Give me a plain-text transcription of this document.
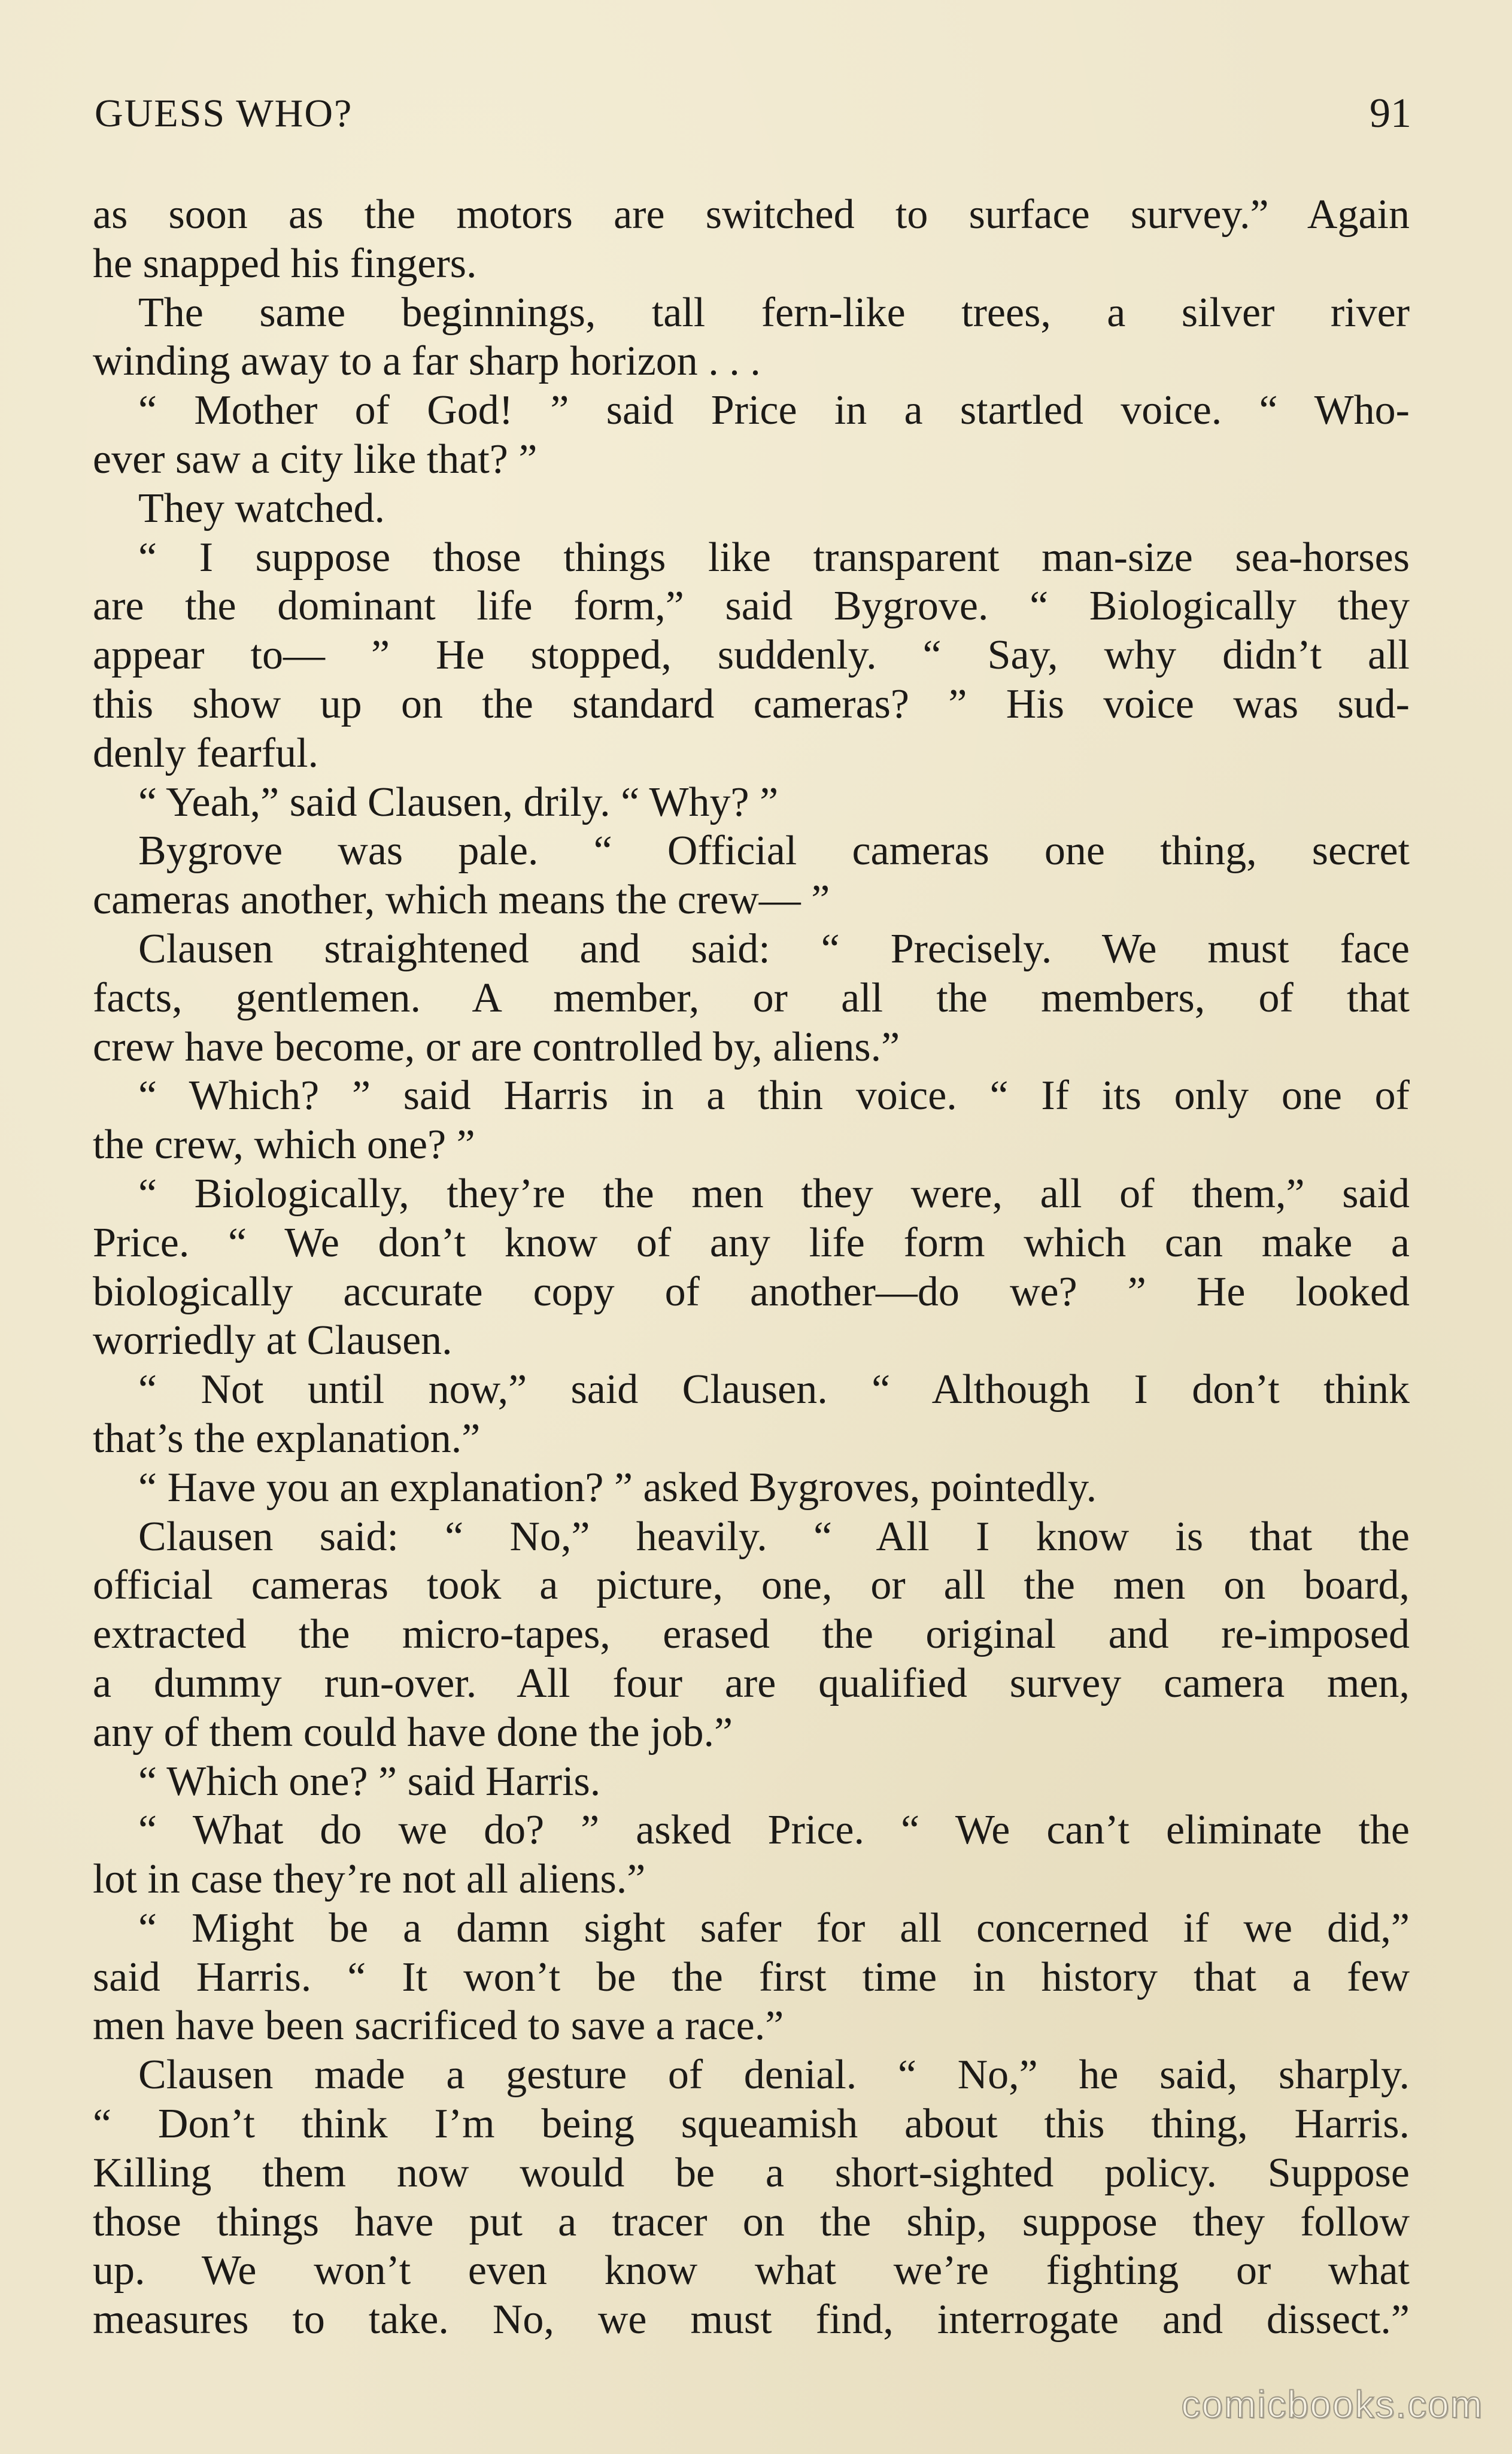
GUESS WHO?	91
as soon as the motors are switched to surface survey.” Again
he snapped his fingers.
The same beginnings, tall fern-like trees, a silver river
winding away to a far sharp horizon . . .
“ Mother of God! ” said Price in a startled voice. “ Who-
ever saw a city like that? ”
They watched.
“ I suppose those things like transparent man-size sea-horses
are the dominant life form,” said Bygrove. “ Biologically they
appear to— ” He stopped, suddenly. “ Say, why didn’t all
this show up on the standard cameras? ” His voice was sud-
denly fearful.
“ Yeah,” said Clausen, drily. “ Why? ”
Bygrove was pale. “ Official cameras one thing, secret
cameras another, which means the crew— ”
Clausen straightened and said: “ Precisely. We must face
facts, gentlemen. A member, or all the members, of that
crew have become, or are controlled by, aliens.”
“ Which? ” said Harris in a thin voice. “ If its only one of
the crew, which one? ”
“ Biologically, they’re the men they were, all of them,” said
Price. “ We don’t know of any life form which can make a
biologically accurate copy of another—do we? ” He looked
worriedly at Clausen.
“ Not until now,” said Clausen. “ Although I don’t think
that’s the explanation.”
“ Have you an explanation? ” asked Bygroves, pointedly.
Clausen said: “ No,” heavily. “ All I know is that the
official cameras took a picture, one, or all the men on board,
extracted the micro-tapes, erased the original and re-imposed
a dummy run-over. All four are qualified survey camera men,
any of them could have done the job.”
“ Which one? ” said Harris.
“ What do we do? ” asked Price. “ We can’t eliminate the
lot in case they’re not all aliens.”
“ Might be a damn sight safer for all concerned if we did,”
said Harris. “ It won’t be the first time in history that a few
men have been sacrificed to save a race.”
Clausen made a gesture of denial. “ No,” he said, sharply.
“ Don’t think I’m being squeamish about this thing, Harris.
Killing them now would be a short-sighted policy. Suppose
those things have put a tracer on the ship, suppose they follow
up. We won’t even know what we’re fighting or what
measures to take. No, we must find, interrogate and dissect.”
comicbooks.com
